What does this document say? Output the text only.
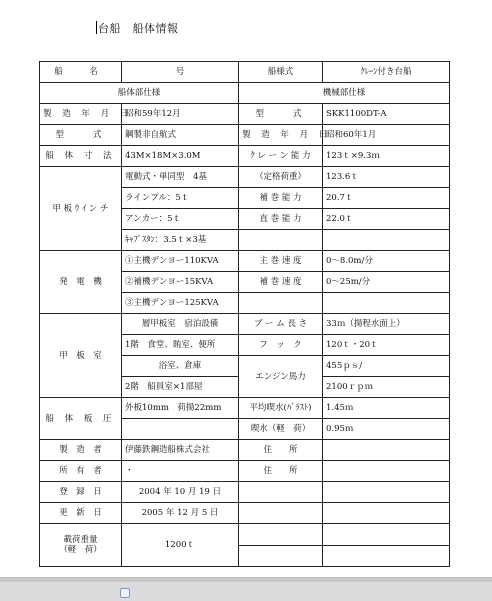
台船　船体情報
船　名	号	船様式	ｸﾚｰﾝ付き台船
船体部仕様		機械部仕様	
製 造 年 月 日	昭和59年12月	型　　式	SKK1100DT-A
型　　式	鋼製非自航式	製 造 年 月 日	昭和60年1月
船 体 寸 法	43M×18M×3.0M	ｸ レ ー ン 能 力	123ｔ×9.3ｍ
甲 板 ｳ ｲ ン チ	電動式・単同型　4基	（定格荷重）	123.6ｔ
	ラインプル：5ｔ	補 巻 能 力	20.7ｔ
	アンカー：5ｔ	直 巻 能 力	22.0ｔ
	ｷｬﾌﾟｽﾀﾝ：3.5ｔ×3基		
発　電　機	①主機デンヨー110KVA	主 巻 速 度	0～8.0m/分
	②補機デンヨー15KVA	補 巻 速 度	0～25m/分
	③主機デンヨー125KVA		
甲　板　室	層甲板室　宿泊設備	ブ ー ム 長 さ	33ｍ（揚程水面上）
	1階　食堂、賄室、便所	フ　ッ　ク	120ｔ・20ｔ
	浴室、倉庫	エンジン馬力	455ｐｓ/
	2階　船員室×1部屋		2100ｒｐｍ
船 体 板 圧	外板10mm　荷揚22mm	平均喫水(ﾊﾞﾗｽﾄ)	1.45ｍ
		喫水（軽　荷）	0.95ｍ
製　造　者	伊藤鉄鋼造船株式会社	住　　所	
所　有　者	・	住　　所	
登　録　日	2004 年 10 月 19 日		
更　新　日	2005 年 12 月 5 日		

載荷重量
（軽　荷）	1200ｔ		
